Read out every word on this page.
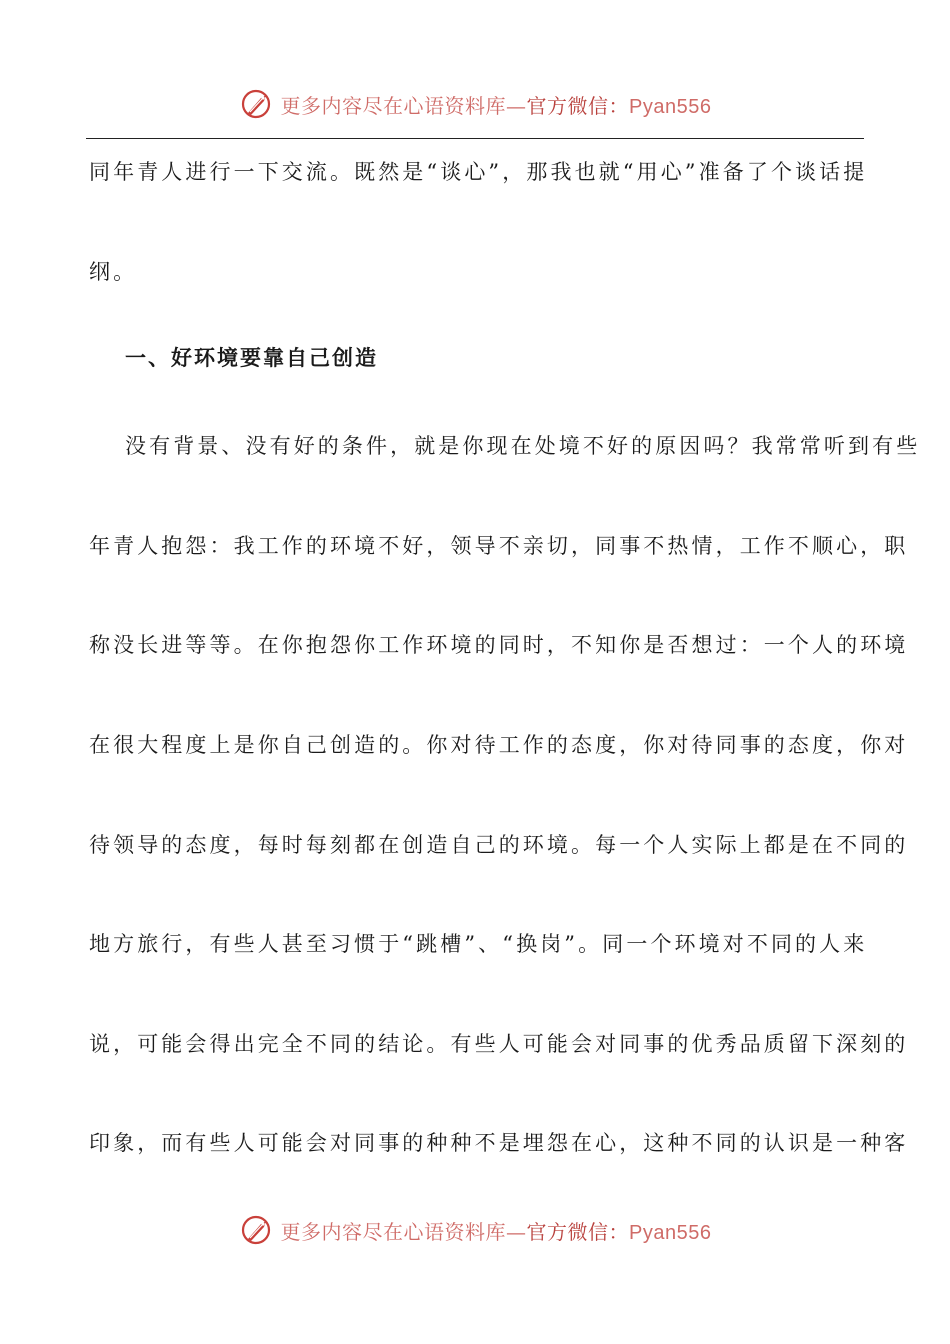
更多内容尽在心语资料库—官方微信：Pyan556
同年青人进行一下交流。既然是“谈心”，那我也就“用心”准备了个谈话提
纲。
一、好环境要靠自己创造
没有背景、没有好的条件，就是你现在处境不好的原因吗？我常常听到有些
年青人抱怨：我工作的环境不好，领导不亲切，同事不热情，工作不顺心，职
称没长进等等。在你抱怨你工作环境的同时，不知你是否想过：一个人的环境
在很大程度上是你自己创造的。你对待工作的态度，你对待同事的态度，你对
待领导的态度，每时每刻都在创造自己的环境。每一个人实际上都是在不同的
地方旅行，有些人甚至习惯于“跳槽”、“换岗”。同一个环境对不同的人来
说，可能会得出完全不同的结论。有些人可能会对同事的优秀品质留下深刻的
印象，而有些人可能会对同事的种种不是埋怨在心，这种不同的认识是一种客
更多内容尽在心语资料库—官方微信：Pyan556
